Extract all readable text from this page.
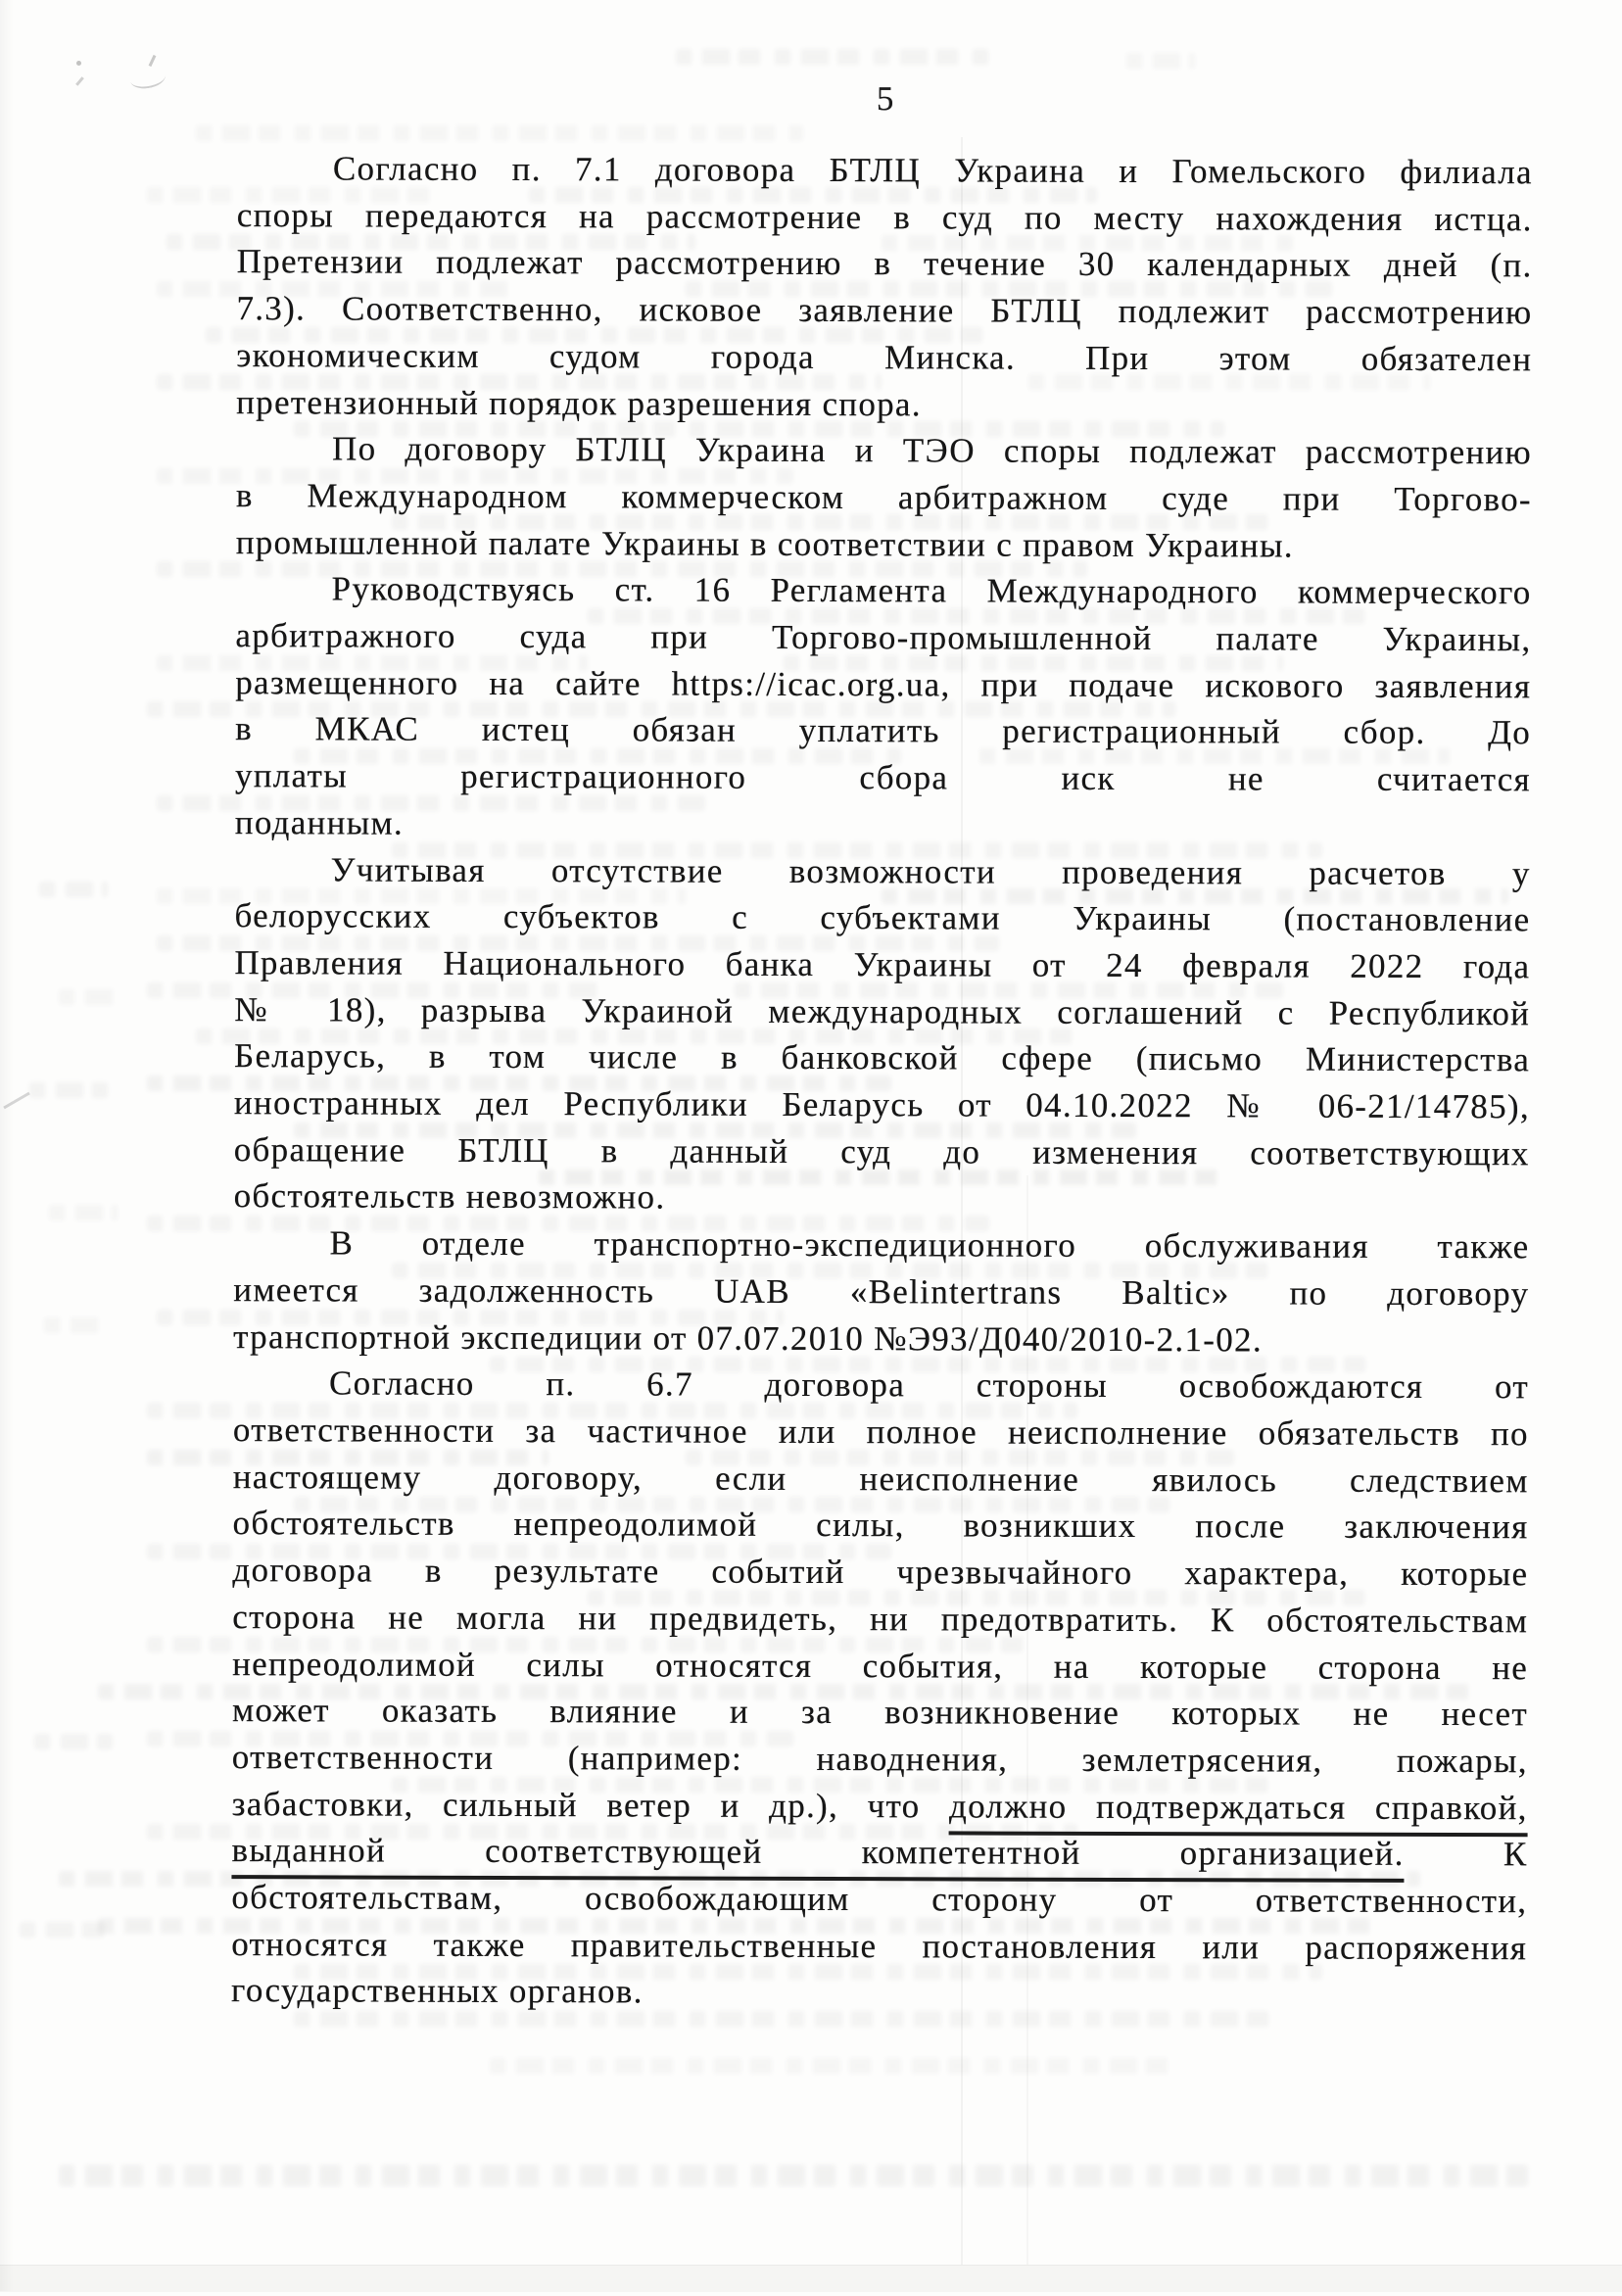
5
Согласно п. 7.1 договора БТЛЦ Украина и Гомельского филиала
споры передаются на рассмотрение в суд по месту нахождения истца.
Претензии подлежат рассмотрению в течение 30 календарных дней (п.
7.3). Соответственно, исковое заявление БТЛЦ подлежит рассмотрению
экономическим судом города Минска. При этом обязателен
претензионный порядок разрешения спора.
По договору БТЛЦ Украина и ТЭО споры подлежат рассмотрению
в Международном коммерческом арбитражном суде при Торгово-
промышленной палате Украины в соответствии с правом Украины.
Руководствуясь ст. 16 Регламента Международного коммерческого
арбитражного суда при Торгово-промышленной палате Украины,
размещенного на сайте https://icac.org.ua, при подаче искового заявления
в МКАС истец обязан уплатить регистрационный сбор. До
уплаты регистрационного сбора иск не считается
поданным.
Учитывая отсутствие возможности проведения расчетов у
белорусских субъектов с субъектами Украины (постановление
Правления Национального банка Украины от 24 февраля 2022 года
№ 18), разрыва Украиной международных соглашений с Республикой
Беларусь, в том числе в банковской сфере (письмо Министерства
иностранных дел Республики Беларусь от 04.10.2022 № 06-21/14785),
обращение БТЛЦ в данный суд до изменения соответствующих
обстоятельств невозможно.
В отделе транспортно-экспедиционного обслуживания также
имеется задолженность UAB «Belintertrans Baltic» по договору
транспортной экспедиции от 07.07.2010 №Э93/Д040/2010-2.1-02.
Согласно п. 6.7 договора стороны освобождаются от
ответственности за частичное или полное неисполнение обязательств по
настоящему договору, если неисполнение явилось следствием
обстоятельств непреодолимой силы, возникших после заключения
договора в результате событий чрезвычайного характера, которые
сторона не могла ни предвидеть, ни предотвратить. К обстоятельствам
непреодолимой силы относятся события, на которые сторона не
может оказать влияние и за возникновение которых не несет
ответственности (например: наводнения, землетрясения, пожары,
забастовки, сильный ветер и др.), что должно подтверждаться справкой,
выданной соответствующей компетентной организацией. К
обстоятельствам, освобождающим сторону от ответственности,
относятся также правительственные постановления или распоряжения
государственных органов.
